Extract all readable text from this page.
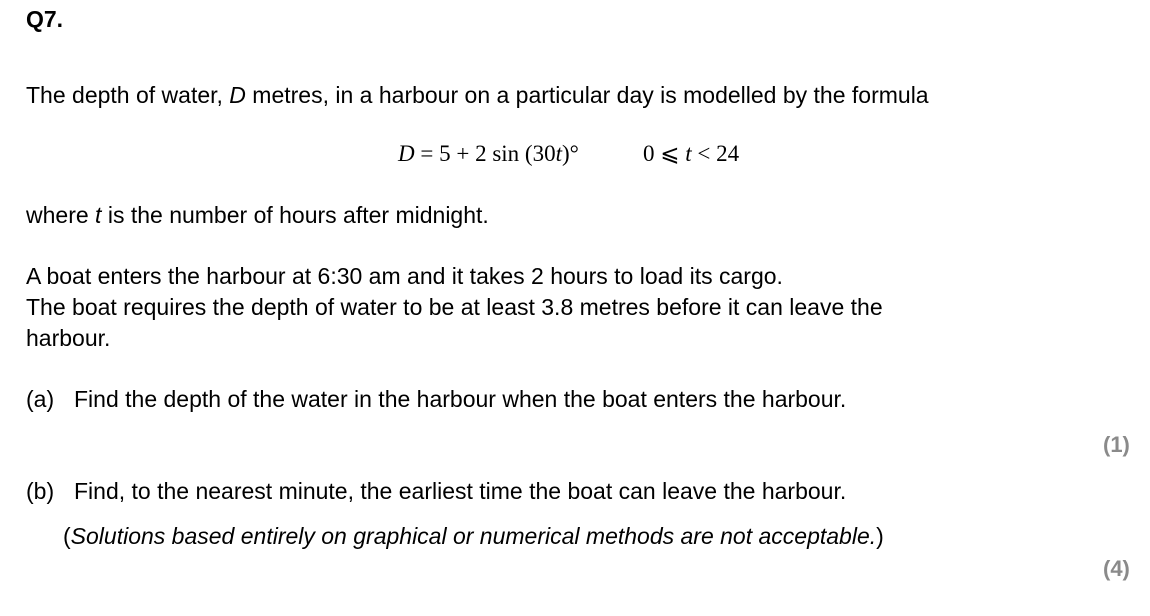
Q7.
The depth of water, D metres, in a harbour on a particular day is modelled by the formula
D = 5 + 2 sin (30t)°	0 ⩽ t < 24
where t is the number of hours after midnight.
A boat enters the harbour at 6:30 am and it takes 2 hours to load its cargo.
The boat requires the depth of water to be at least 3.8 metres before it can leave the
harbour.
(a) Find the depth of the water in the harbour when the boat enters the harbour.
(1)
(b) Find, to the nearest minute, the earliest time the boat can leave the harbour.
(Solutions based entirely on graphical or numerical methods are not acceptable.)
(4)
